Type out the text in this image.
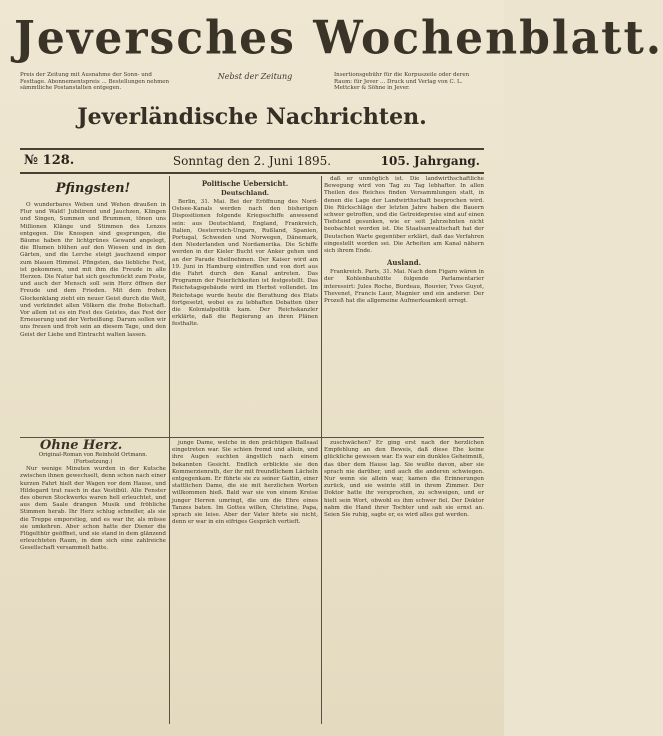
Jeversches Wochenblatt.
Preis der Zeitung mit Ausnahme der Sonn- und Festtage. Abonnementspreis ... Bestellungen nehmen sämmtliche Postanstalten entgegen.
Nebst der Zeitung	Insertionsgebühr für die Korpuszeile oder deren Raum: für Jever ... Druck und Verlag von C. L. Mettcker & Söhne in Jever.
Jeverländische Nachrichten.
№ 128.	Sonntag den 2. Juni 1895.	105. Jahrgang.
Pfingsten!

O wunderbares Weben und Wehen draußen in Flur und Wald! Jubilirend und Jauchzen, Klingen und Singen, Summen und Brummen, tönen uns Millionen Klänge und Stimmen des Lenzes entgegen. Die Knospen sind gesprungen, die Bäume haben ihr lichtgrünes Gewand angelegt, die Blumen blühen auf den Wiesen und in den Gärten, und die Lerche steigt jauchzend empor zum blauen Himmel. Pfingsten, das liebliche Fest, ist gekommen, und mit ihm die Freude in alle Herzen. Die Natur hat sich geschmückt zum Feste, und auch der Mensch soll sein Herz öffnen der Freude und dem Frieden. Mit dem frohen Glockenklang zieht ein neuer Geist durch die Welt, und verkündet allen Völkern die frohe Botschaft. Vor allem ist es ein Fest des Geistes, das Fest der Erneuerung und der Verheißung. Darum sollen wir uns freuen und froh sein an diesem Tage, und den Geist der Liebe und Eintracht walten lassen.

Politische Uebersicht.
Deutschland.

Berlin, 31. Mai. Bei der Eröffnung des Nord-Ostsee-Kanals werden nach den bisherigen Dispositionen folgende Kriegsschiffe anwesend sein: aus Deutschland, England, Frankreich, Italien, Oesterreich-Ungarn, Rußland, Spanien, Portugal, Schweden und Norwegen, Dänemark, den Niederlanden und Nordamerika. Die Schiffe werden in der Kieler Bucht vor Anker gehen und an der Parade theilnehmen. Der Kaiser wird am 19. Juni in Hamburg eintreffen und von dort aus die Fahrt durch den Kanal antreten. Das Programm der Feierlichkeiten ist festgestellt. Das Reichstagsgebäude wird im Herbst vollendet. Im Reichstage wurde heute die Berathung des Etats fortgesetzt, wobei es zu lebhaften Debatten über die Kolonialpolitik kam. Der Reichskanzler erklärte, daß die Regierung an ihren Plänen festhalte.

daß er unmöglich ist. Die landwirthschaftliche Bewegung wird von Tag zu Tag lebhafter. In allen Theilen des Reiches finden Versammlungen statt, in denen die Lage der Landwirthschaft besprochen wird. Die Rückschläge der letzten Jahre haben die Bauern schwer getroffen, und die Getreidepreise sind auf einen Tiefstand gesunken, wie er seit Jahrzehnten nicht beobachtet worden ist. Die Staatsanwaltschaft hat der Deutschen Warte gegenüber erklärt, daß das Verfahren eingestellt worden sei. Die Arbeiten am Kanal nähern sich ihrem Ende.

Ausland.

Frankreich. Paris, 31. Mai. Nach dem Figaro wären in der Kohlenbauhütte folgende Parlamentarier interessirt: Jules Roche, Burdeau, Rouvier, Yves Guyot, Thevenet, Francis Laur, Magnier und ein anderer. Der Prozeß hat die allgemeine Aufmerksamkeit erregt.

Ohne Herz.
Original-Roman von Reinhold Ortmann.
(Fortsetzung.)

Nur wenige Minuten wurden in der Kutsche zwischen ihnen gewechselt, denn schon nach einer kurzen Fahrt hielt der Wagen vor dem Hause, und Hildegard trat rasch in das Vestibül. Alle Fenster des oberen Stockwerks waren hell erleuchtet, und aus dem Saale drangen Musik und fröhliche Stimmen herab. Ihr Herz schlug schneller, als sie die Treppe emporstieg, und es war ihr, als müsse sie umkehren. Aber schon hatte der Diener die Flügelthür geöffnet, und sie stand in dem glänzend erleuchteten Raum, in dem sich eine zahlreiche Gesellschaft versammelt hatte.

junge Dame, welche in den prächtigen Ballsaal eingetreten war. Sie schien fremd und allein, und ihre Augen suchten ängstlich nach einem bekannten Gesicht. Endlich erblickte sie den Kommerzienrath, der ihr mit freundlichem Lächeln entgegenkam. Er führte sie zu seiner Gattin, einer stattlichen Dame, die sie mit herzlichen Worten willkommen hieß. Bald war sie von einem Kreise junger Herren umringt, die um die Ehre eines Tanzes baten. Im Gottes willen, Christine, Papa, sprach sie leise. Aber der Vater hörte sie nicht, denn er war in ein eifriges Gespräch vertieft.

zuschwächen? Er ging erst nach der herzlichen Empfehlung an den Beweis, daß diese Ehe keine glückliche gewesen war. Es war ein dunkles Geheimniß, das über dem Hause lag. Sie wußte davon, aber sie sprach nie darüber, und auch die anderen schwiegen. Nur wenn sie allein war, kamen die Erinnerungen zurück, und sie weinte still in ihrem Zimmer. Der Doktor hatte ihr versprochen, zu schweigen, und er hielt sein Wort, obwohl es ihm schwer fiel. Der Doktor nahm die Hand ihrer Tochter und sah sie ernst an. Seien Sie ruhig, sagte er, es wird alles gut werden.
